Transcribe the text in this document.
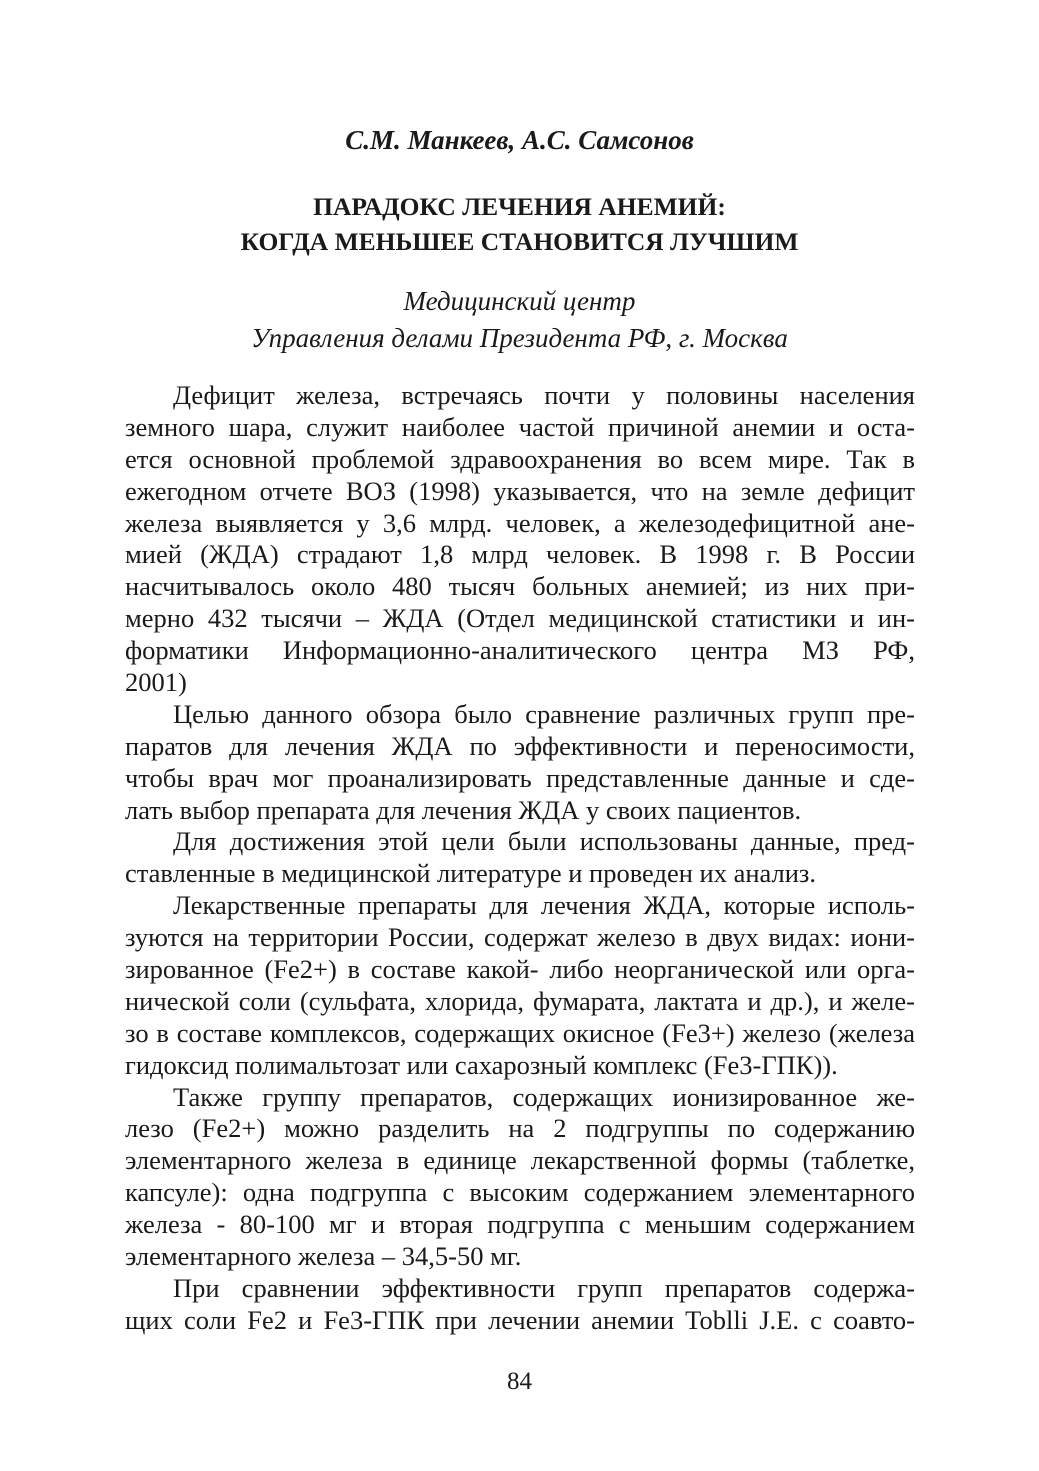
С.М. Манкеев, А.С. Самсонов
ПАРАДОКС ЛЕЧЕНИЯ АНЕМИЙ:
КОГДА МЕНЬШЕЕ СТАНОВИТСЯ ЛУЧШИМ
Медицинский центр
Управления делами Президента РФ, г. Москва
Дефицит железа, встречаясь почти у половины населения
земного шара, служит наиболее частой причиной анемии и оста-
ется основной проблемой здравоохранения во всем мире. Так в
ежегодном отчете ВОЗ (1998) указывается, что на земле дефицит
железа выявляется у 3,6 млрд. человек, а железодефицитной ане-
мией (ЖДА) страдают 1,8 млрд человек. В 1998 г. В России
насчитывалось около 480 тысяч больных анемией; из них при-
мерно 432 тысячи – ЖДА (Отдел медицинской статистики и ин-
форматики Информационно-аналитического центра МЗ РФ,
2001)
Целью данного обзора было сравнение различных групп пре-
паратов для лечения ЖДА по эффективности и переносимости,
чтобы врач мог проанализировать представленные данные и сде-
лать выбор препарата для лечения ЖДА у своих пациентов.
Для достижения этой цели были использованы данные, пред-
ставленные в медицинской литературе и проведен их анализ.
Лекарственные препараты для лечения ЖДА, которые исполь-
зуются на территории России, содержат железо в двух видах: иони-
зированное (Fe2+) в составе какой- либо неорганической или орга-
нической соли (сульфата, хлорида, фумарата, лактата и др.), и желе-
зо в составе комплексов, содержащих окисное (Fe3+) железо (железа
гидоксид полимальтозат или сахарозный комплекс (Fe3-ГПК)).
Также группу препаратов, содержащих ионизированное же-
лезо (Fe2+) можно разделить на 2 подгруппы по содержанию
элементарного железа в единице лекарственной формы (таблетке,
капсуле): одна подгруппа с высоким содержанием элементарного
железа - 80-100 мг и вторая подгруппа с меньшим содержанием
элементарного железа – 34,5-50 мг.
При сравнении эффективности групп препаратов содержа-
щих соли Fe2 и Fe3-ГПК при лечении анемии Toblli J.E. с соавто-
84
